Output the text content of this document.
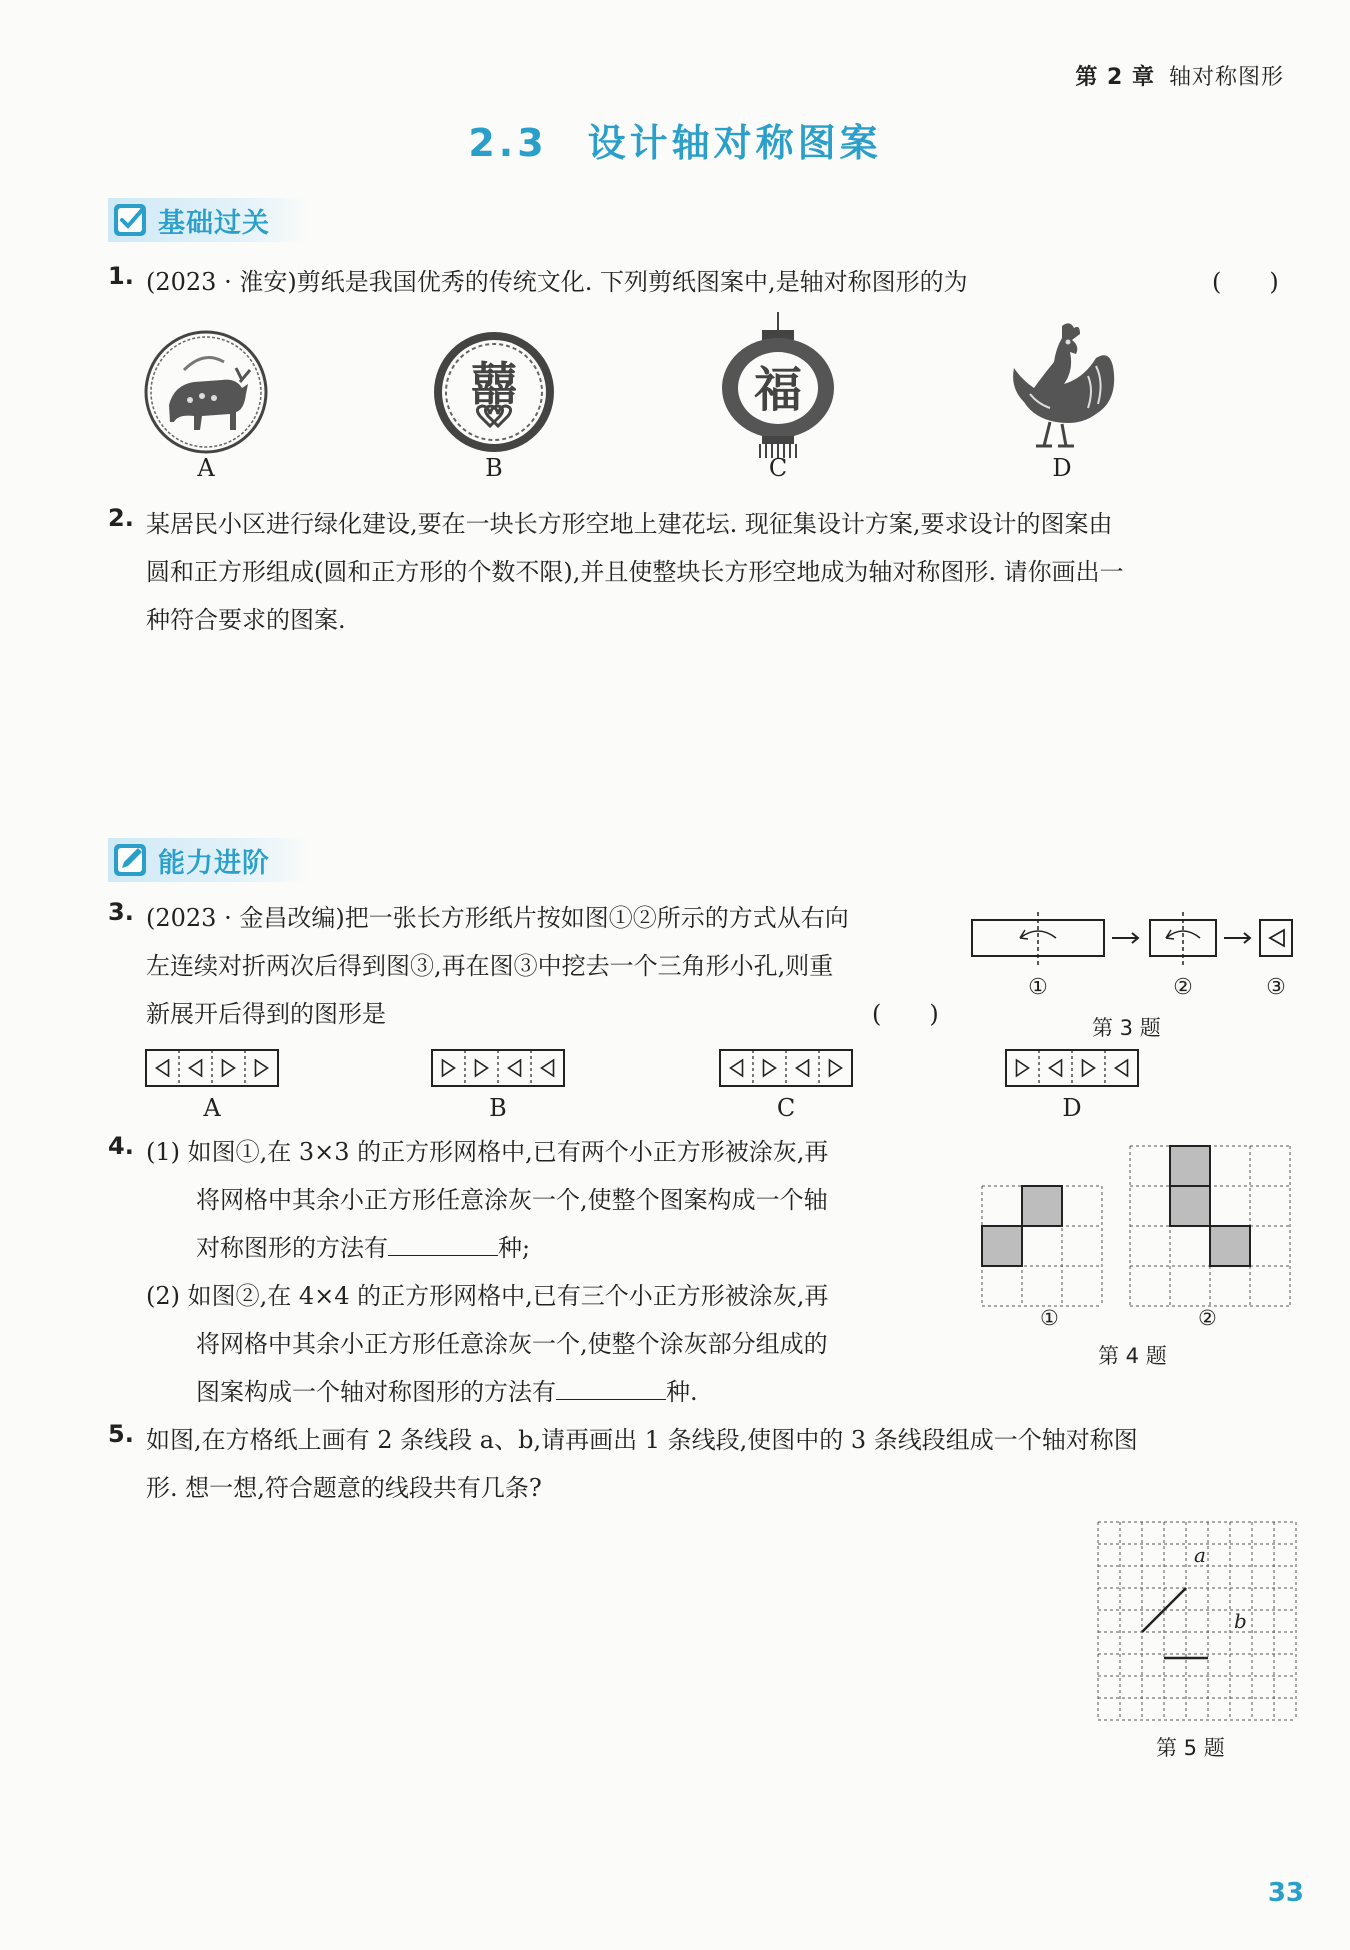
第 2 章 轴对称图形
2.3 设计轴对称图案
基础过关
1. (2023 · 淮安)剪纸是我国优秀的传统文化. 下列剪纸图案中,是轴对称图形的为	(　　)
囍	福
A	B	C	D
2. 某居民小区进行绿化建设,要在一块长方形空地上建花坛. 现征集设计方案,要求设计的图案由
圆和正方形组成(圆和正方形的个数不限),并且使整块长方形空地成为轴对称图形. 请你画出一
种符合要求的图案.
能力进阶
3. (2023 · 金昌改编)把一张长方形纸片按如图①②所示的方式从右向
左连续对折两次后得到图③,再在图③中挖去一个三角形小孔,则重
新展开后得到的图形是	(　　)
①	②	③
第 3 题
A	B	C	D
4. (1) 如图①,在 3×3 的正方形网格中,已有两个小正方形被涂灰,再
将网格中其余小正方形任意涂灰一个,使整个图案构成一个轴
对称图形的方法有	种;
(2) 如图②,在 4×4 的正方形网格中,已有三个小正方形被涂灰,再
将网格中其余小正方形任意涂灰一个,使整个涂灰部分组成的
图案构成一个轴对称图形的方法有	种.
①	②
第 4 题
5. 如图,在方格纸上画有 2 条线段 a、b,请再画出 1 条线段,使图中的 3 条线段组成一个轴对称图
形. 想一想,符合题意的线段共有几条?
a
b
第 5 题
33
